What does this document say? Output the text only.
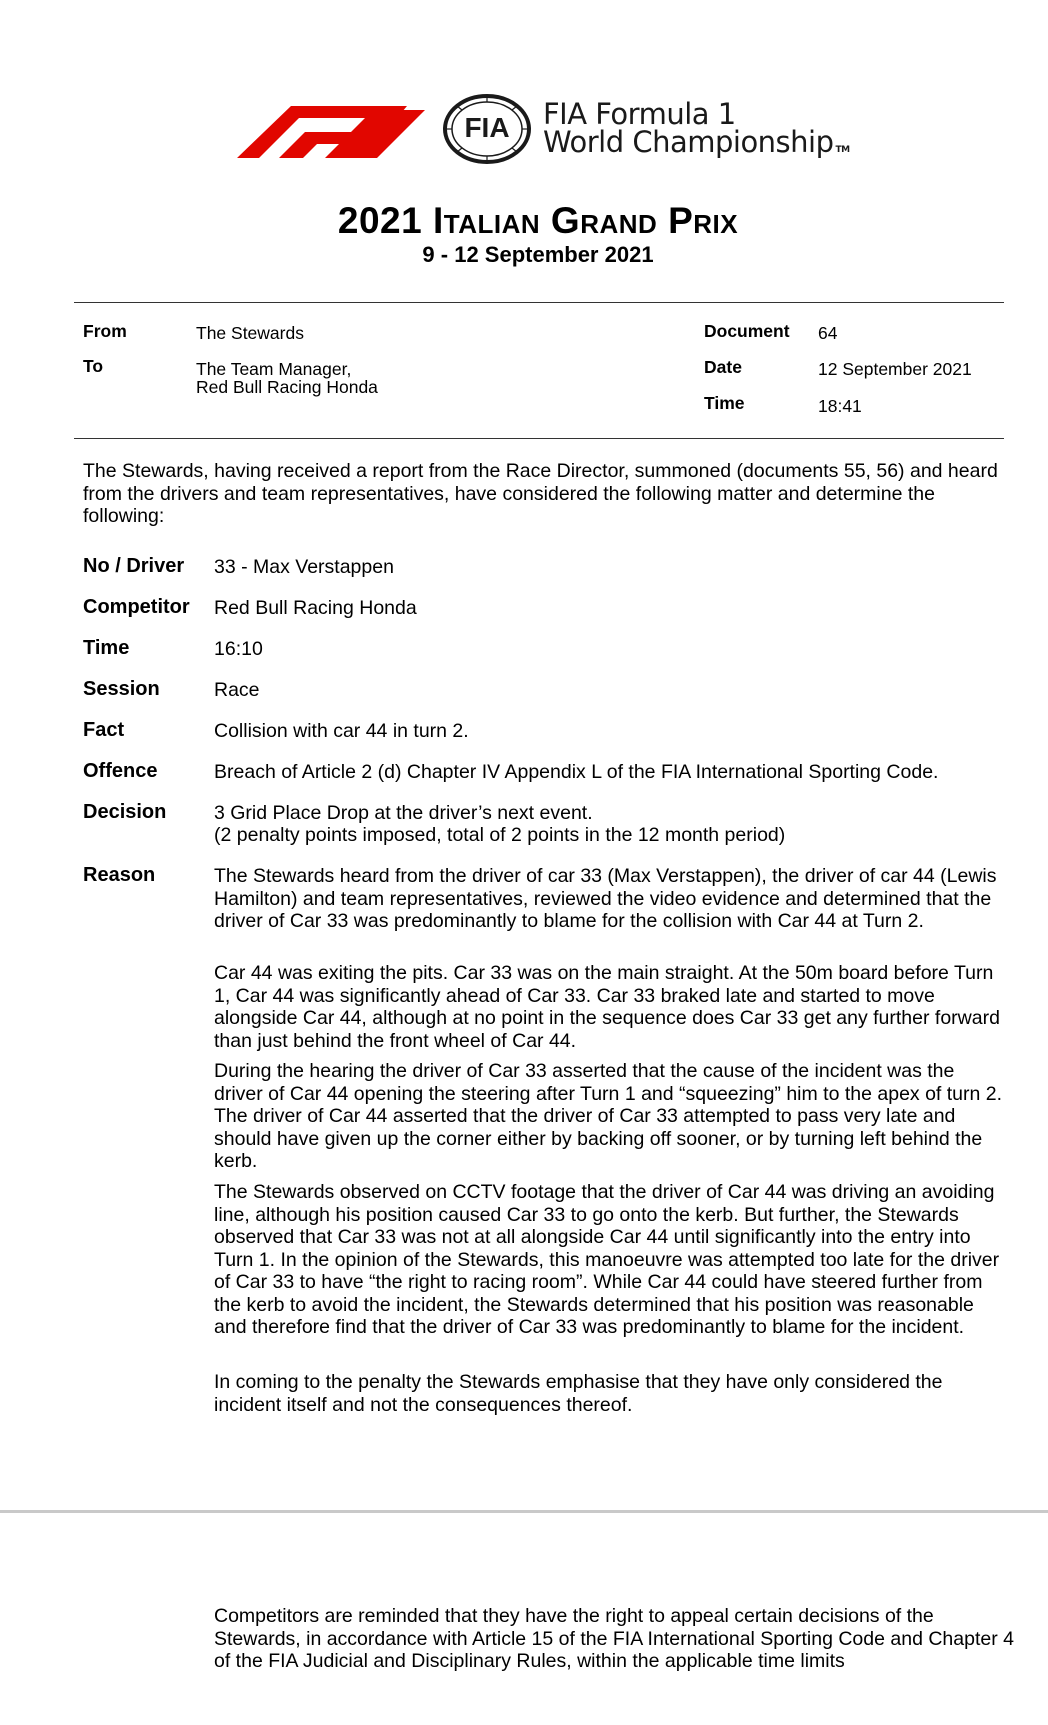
FIA FIA Formula 1
World Championship TM
2021 Italian Grand Prix
9 - 12 September 2021
From	The Stewards
To	The Team Manager,
Red Bull Racing Honda
Document 64
Date	12 September 2021
Time	18:41
The Stewards, having received a report from the Race Director, summoned (documents 55, 56) and heard from the drivers and team representatives, have considered the following matter and determine the following:
No / Driver 33 - Max Verstappen
Competitor Red Bull Racing Honda
Time	16:10
Session	Race
Fact	Collision with car 44 in turn 2.
Offence	Breach of Article 2 (d) Chapter IV Appendix L of the FIA International Sporting Code.
Decision 3 Grid Place Drop at the driver’s next event.
(2 penalty points imposed, total of 2 points in the 12 month period)
Reason	The Stewards heard from the driver of car 33 (Max Verstappen), the driver of car 44 (Lewis Hamilton) and team representatives, reviewed the video evidence and determined that the driver of Car 33 was predominantly to blame for the collision with Car 44 at Turn 2.
Car 44 was exiting the pits. Car 33 was on the main straight. At the 50m board before Turn 1, Car 44 was significantly ahead of Car 33. Car 33 braked late and started to move alongside Car 44, although at no point in the sequence does Car 33 get any further forward than just behind the front wheel of Car 44.
During the hearing the driver of Car 33 asserted that the cause of the incident was the driver of Car 44 opening the steering after Turn 1 and “squeezing” him to the apex of turn 2. The driver of Car 44 asserted that the driver of Car 33 attempted to pass very late and should have given up the corner either by backing off sooner, or by turning left behind the kerb.
The Stewards observed on CCTV footage that the driver of Car 44 was driving an avoiding line, although his position caused Car 33 to go onto the kerb. But further, the Stewards observed that Car 33 was not at all alongside Car 44 until significantly into the entry into Turn 1. In the opinion of the Stewards, this manoeuvre was attempted too late for the driver of Car 33 to have “the right to racing room”. While Car 44 could have steered further from the kerb to avoid the incident, the Stewards determined that his position was reasonable and therefore find that the driver of Car 33 was predominantly to blame for the incident.
In coming to the penalty the Stewards emphasise that they have only considered the incident itself and not the consequences thereof.
Competitors are reminded that they have the right to appeal certain decisions of the Stewards, in accordance with Article 15 of the FIA International Sporting Code and Chapter 4 of the FIA Judicial and Disciplinary Rules, within the applicable time limits
